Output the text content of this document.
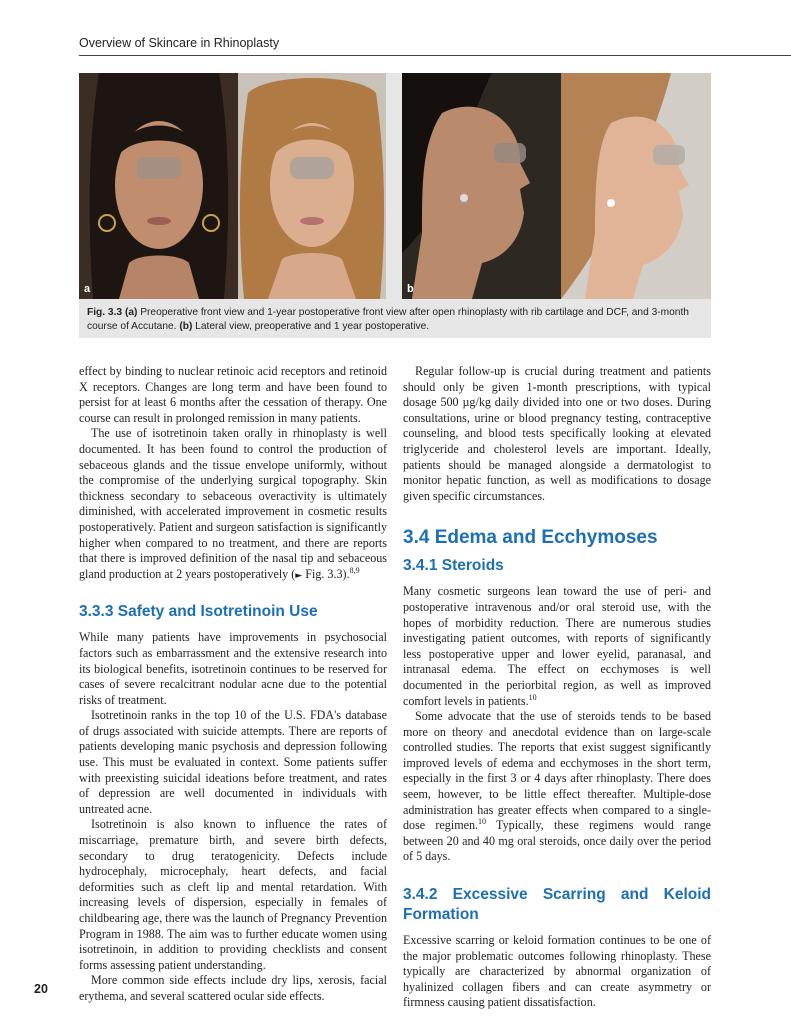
Overview of Skincare in Rhinoplasty
a	b
Fig. 3.3 (a) Preoperative front view and 1-year postoperative front view after open rhinoplasty with rib cartilage and DCF, and 3-month course of Accutane. (b) Lateral view, preoperative and 1 year postoperative.

effect by binding to nuclear retinoic acid receptors and retinoid X receptors. Changes are long term and have been found to persist for at least 6 months after the cessation of therapy. One course can result in prolonged remission in many patients.

The use of isotretinoin taken orally in rhinoplasty is well documented. It has been found to control the production of sebaceous glands and the tissue envelope uniformly, without the compromise of the underlying surgical topography. Skin thickness secondary to sebaceous overactivity is ultimately diminished, with accelerated improvement in cosmetic results postoperatively. Patient and surgeon satisfaction is significantly higher when compared to no treatment, and there are reports that there is improved definition of the nasal tip and sebaceous gland production at 2 years postoperatively (► Fig. 3.3).$^{8,9}$

3.3.3 Safety and Isotretinoin Use

While many patients have improvements in psychosocial factors such as embarrassment and the extensive research into its biological benefits, isotretinoin continues to be reserved for cases of severe recalcitrant nodular acne due to the potential risks of treatment.

Isotretinoin ranks in the top 10 of the U.S. FDA's database of drugs associated with suicide attempts. There are reports of patients developing manic psychosis and depression following use. This must be evaluated in context. Some patients suffer with preexisting suicidal ideations before treatment, and rates of depression are well documented in individuals with untreated acne.

Isotretinoin is also known to influence the rates of miscarriage, premature birth, and severe birth defects, secondary to drug teratogenicity. Defects include hydrocephaly, microcephaly, heart defects, and facial deformities such as cleft lip and mental retardation. With increasing levels of dispersion, especially in females of childbearing age, there was the launch of Pregnancy Prevention Program in 1988. The aim was to further educate women using isotretinoin, in addition to providing checklists and consent forms assessing patient understanding.

More common side effects include dry lips, xerosis, facial erythema, and several scattered ocular side effects.

Regular follow-up is crucial during treatment and patients should only be given 1-month prescriptions, with typical dosage 500 µg/kg daily divided into one or two doses. During consultations, urine or blood pregnancy testing, contraceptive counseling, and blood tests specifically looking at elevated triglyceride and cholesterol levels are important. Ideally, patients should be managed alongside a dermatologist to monitor hepatic function, as well as modifications to dosage given specific circumstances.

3.4 Edema and Ecchymoses
3.4.1 Steroids

Many cosmetic surgeons lean toward the use of peri- and postoperative intravenous and/or oral steroid use, with the hopes of morbidity reduction. There are numerous studies investigating patient outcomes, with reports of significantly less postoperative upper and lower eyelid, paranasal, and intranasal edema. The effect on ecchymoses is well documented in the periorbital region, as well as improved comfort levels in patients.$^{10}$

Some advocate that the use of steroids tends to be based more on theory and anecdotal evidence than on large-scale controlled studies. The reports that exist suggest significantly improved levels of edema and ecchymoses in the short term, especially in the first 3 or 4 days after rhinoplasty. There does seem, however, to be little effect thereafter. Multiple-dose administration has greater effects when compared to a single-dose regimen.$^{10}$ Typically, these regimens would range between 20 and 40 mg oral steroids, once daily over the period of 5 days.

3.4.2 Excessive Scarring and Keloid Formation

Excessive scarring or keloid formation continues to be one of the major problematic outcomes following rhinoplasty. These typically are characterized by abnormal organization of hyalinized collagen fibers and can create asymmetry or firmness causing patient dissatisfaction.

20
